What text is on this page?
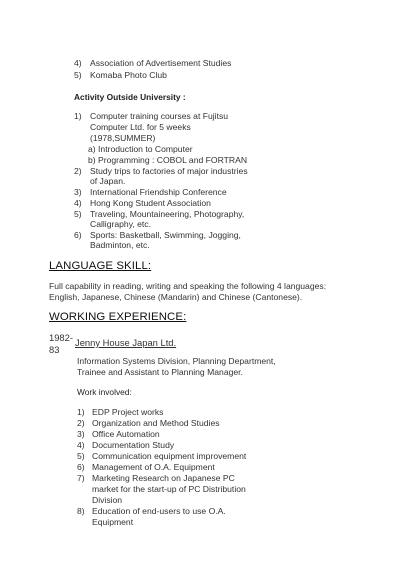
4) Association of Advertisement Studies
5) Komaba Photo Club
Activity Outside University :
1) Computer training courses at Fujitsu
Computer Ltd. for 5 weeks
(1978,SUMMER)
a) Introduction to Computer
b) Programming : COBOL and FORTRAN
2) Study trips to factories of major industries
of Japan.
3) International Friendship Conference
4) Hong Kong Student Association
5) Traveling, Mountaineering, Photography,
Calligraphy, etc.
6) Sports: Basketball, Swimming, Jogging,
Badminton, etc.
LANGUAGE SKILL:
Full capability in reading, writing and speaking the following 4 languages:
English, Japanese, Chinese (Mandarin) and Chinese (Cantonese).
WORKING EXPERIENCE:
1982-
83
Jenny House Japan Ltd.
Information Systems Division, Planning Department,
Trainee and Assistant to Planning Manager.
Work involved:
1) EDP Project works
2) Organization and Method Studies
3) Office Automation
4) Documentation Study
5) Communication equipment improvement
6) Management of O.A. Equipment
7) Marketing Research on Japanese PC
market for the start-up of PC Distribution
Division
8) Education of end-users to use O.A.
Equipment
